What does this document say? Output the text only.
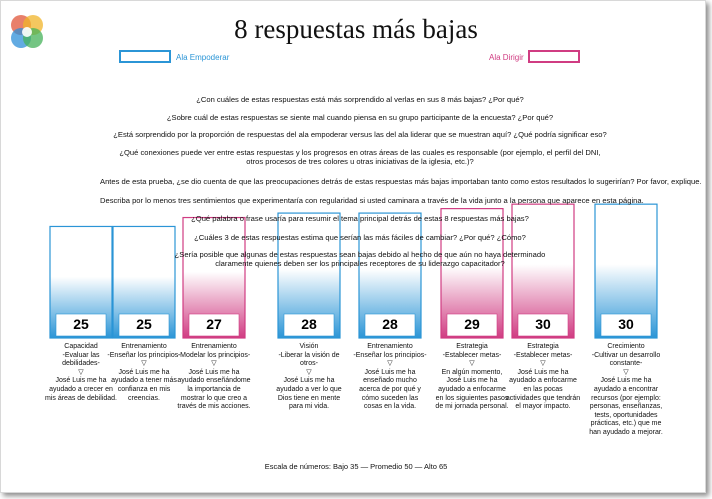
8 respuestas más bajas
Ala Empoderar	Ala Dirigir
¿Con cuáles de estas respuestas está más sorprendido al verlas en sus 8 más bajas? ¿Por qué?
¿Sobre cuál de estas respuestas se siente mal cuando piensa en su grupo participante de la encuesta? ¿Por qué?
¿Está sorprendido por la proporción de respuestas del ala empoderar versus las del ala liderar que se muestran aquí? ¿Qué podría significar eso?
¿Qué conexiones puede ver entre estas respuestas y los progresos en otras áreas de las cuales es responsable (por ejemplo, el perfil del DNI,
otros procesos de tres colores u otras iniciativas de la iglesia, etc.)?
Antes de esta prueba, ¿se dio cuenta de que las preocupaciones detrás de estas respuestas más bajas importaban tanto como estos resultados lo sugerirían? Por favor, explique.
Describa por lo menos tres sentimientos que experimentaría con regularidad si usted caminara a través de la vida junto a la persona que aparece en esta página.
¿Qué palabra o frase usaría para resumir el tema principal detrás de estas 8 respuestas más bajas?
¿Cuáles 3 de estas respuestas estima que serían las más fáciles de cambiar? ¿Por qué? ¿Cómo?
¿Sería posible que algunas de estas respuestas sean bajas debido al hecho de que aún no haya determinado
claramente quienes deben ser los principales receptores de su liderazgo capacitador?
25	25	27	28	28	29	30	30
Capacidad
-Evaluar las debilidades-
▽
José Luis me ha ayudado a crecer en mis áreas de debilidad.
Entrenamiento
-Enseñar los principios-
▽
José Luis me ha ayudado a tener más confianza en mis creencias.
Entrenamiento
-Modelar los principios-
▽
José Luis me ha ayudado enseñándome la importancia de mostrar lo que creo a través de mis acciones.
Visión
-Liberar la visión de otros-
▽
José Luis me ha ayudado a ver lo que Dios tiene en mente para mi vida.
Entrenamiento
-Enseñar los principios-
▽
José Luis me ha enseñado mucho acerca de por qué y cómo suceden las cosas en la vida.
Estrategia
-Establecer metas-
▽
En algún momento, José Luis me ha ayudado a enfocarme en los siguientes pasos de mi jornada personal.
Estrategia
-Establecer metas-
▽
José Luis me ha ayudado a enfocarme en las pocas actividades que tendrán el mayor impacto.
Crecimiento
-Cultivar un desarrollo constante-
▽
José Luis me ha ayudado a encontrar recursos (por ejemplo: personas, enseñanzas, tests, oportunidades prácticas, etc.) que me han ayudado a mejorar.
Escala de números: Bajo 35 — Promedio 50 — Alto 65
